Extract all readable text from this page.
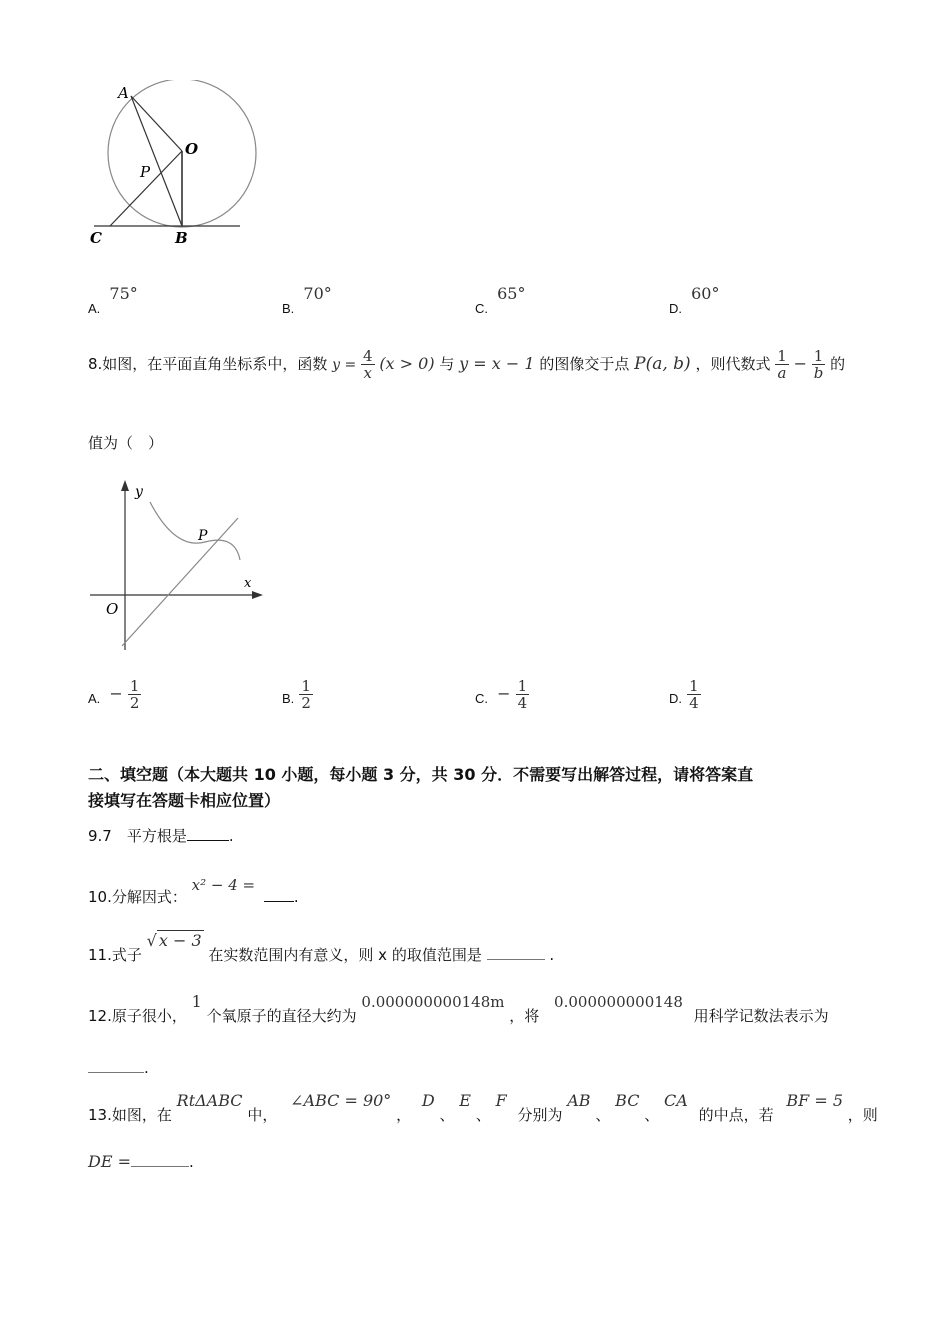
A
O
P
C	B
$_{A.}$ 75°
$_{B.}$ 70°
$_{C.}$ 65°
$_{D.}$ 60°
8.如图，在平面直角坐标系中，函数 $y = \frac{4}{x} (x > 0)$ 与 y = x − 1 的图像交于点 P(a, b) ，则代数式 $\frac{1}{a} - \frac{1}{b}$ 的
值为（　）
y
x
O
P
$_{A.} - \frac{1}{2}$	$_{B.} \frac{1}{2}$	$_{C.} - \frac{1}{4}$	$_{D.} \frac{1}{4}$
二、填空题（本大题共 10 小题，每小题 3 分，共 30 分．不需要写出解答过程，请将答案直
接填写在答题卡相应位置）
9.7　平方根是	.
10.分解因式： x² − 4 = .
11.式子 √ x − 3 在实数范围内有意义，则 x 的取值范围是	.
12.原子很小， 1 个氧原子的直径大约为 0.000000000148m ，将 0.000000000148 用科学记数法表示为
.
13.如图，在 RtΔABC 中， ∠ABC = 90° ， D 、 E 、 F 分别为 AB 、 BC 、 CA 的中点，若 BF = 5 ，则
DE =	.
